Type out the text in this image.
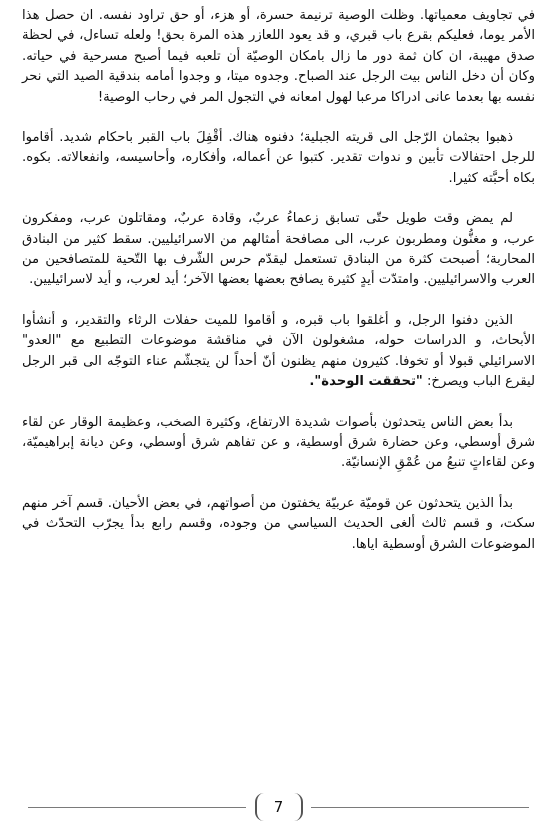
في تجاويف معمياتها. وظلت الوصية ترنيمة حسرة، أو هزء، أو حق تراود نفسه. ان حصل هذا الأمر يوما، فعليكم بقرع باب قبري، و قد يعود اللعازر هذه المرة بحق! ولعله تساءل، في لحظة صدق مهيبة، ان كان ثمة دور ما زال بامكان الوصيّة أن تلعبه فيما أصبح مسرحية في حياته. وكان أن دخل الناس بيت الرجل عند الصباح. وجدوه ميتا، و وجدوا أمامه بندقية الصيد التي نحر نفسه بها بعدما عانى ادراكا مرعبا لهول امعانه في التجول المر في رحاب الوصية!

ذهبوا بجثمان الرّجل الى قريته الجبلية؛ دفنوه هناك. أقْفِلَ باب القبر باحكام شديد. أقاموا للرجل احتفالات تأبين و ندوات تقدير. كتبوا عن أعماله، وأفكاره، وأحاسيسه، وانفعالاته. بكوه. بكاه أحبَّته كثيرا.

لم يمض وقت طويل حتّى تسابق زعماءُ عربٌ، وقادة عربٌ، ومقاتلون عرب، ومفكرون عرب، و مغنُّون ومطربون عرب، الى مصافحة أمثالهم من الاسرائيليين. سقط كثير من البنادق المحاربة؛ أصبحت كثرة من البنادق تستعمل ليقدّم حرس الشّرف بها التّحية للمتصافحين من العرب والاسرائيليين. وامتدّت أيدٍ كثيرة يصافح بعضها بعضها الآخر؛ أيد لعرب، و أيد لاسرائيليين.

الذين دفنوا الرجل، و أغلقوا باب قبره، و أقاموا للميت حفلات الرثاء والتقدير، و أنشأوا الأبحاث، و الدراسات حوله، مشغولون الآن في مناقشة موضوعات التطبيع مع "العدو" الاسرائيلي قبولا أو تخوفا. كثيرون منهم يظنون أنّ أحداً لن يتجشّم عناء التوجّه الى قبر الرجل ليقرع الباب ويصرخ: "تحققت الوحدة".

بدأ بعض الناس يتحدثون بأصوات شديدة الارتفاع، وكثيرة الصخب، وعظيمة الوقار عن لقاء شرق أوسطي، وعن حضارة شرق أوسطية، و عن تفاهم شرق أوسطي، وعن ديانة إبراهيميّة، وعن لقاءاتٍ تنبعُ من عُمْقِ الإنسانيّة.

بدأ الذين يتحدثون عن قوميّة عربيّة يخفتون من أصواتهم، في بعض الأحيان. قسم آخر منهم سكت، و قسم ثالث ألغى الحديث السياسي من وجوده، وقسم رابع بدأ يجرّب التحدّث في الموضوعات الشرق أوسطية اياها.

7
